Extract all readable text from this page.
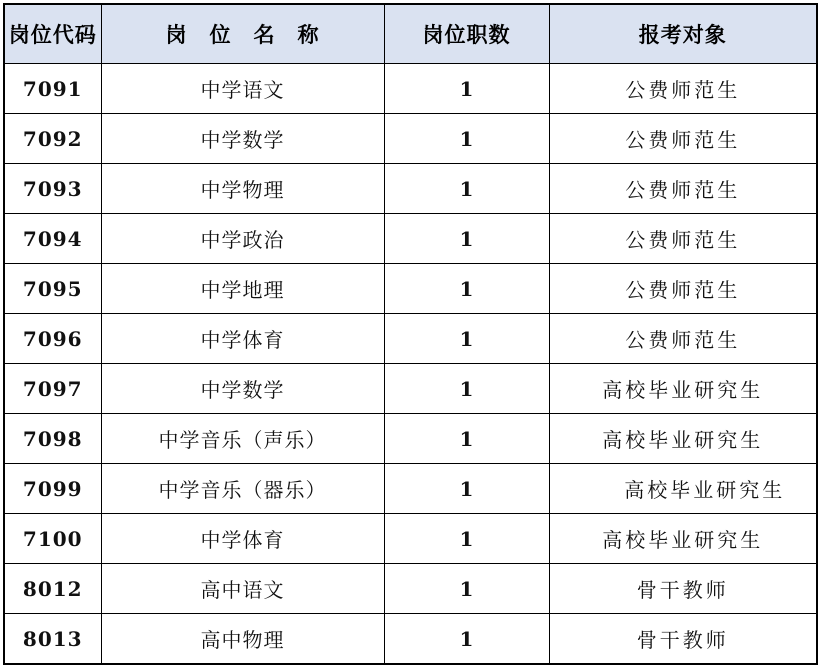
岗位代码	岗　位　名　称	岗位职数	报考对象
7091	中学语文	1	公费师范生
7092	中学数学	1	公费师范生
7093	中学物理	1	公费师范生
7094	中学政治	1	公费师范生
7095	中学地理	1	公费师范生
7096	中学体育	1	公费师范生
7097	中学数学	1	高校毕业研究生
7098	中学音乐（声乐）	1	高校毕业研究生
7099	中学音乐（器乐）	1	高校毕业研究生
7100	中学体育	1	高校毕业研究生
8012	高中语文	1	骨干教师
8013	高中物理	1	骨干教师
